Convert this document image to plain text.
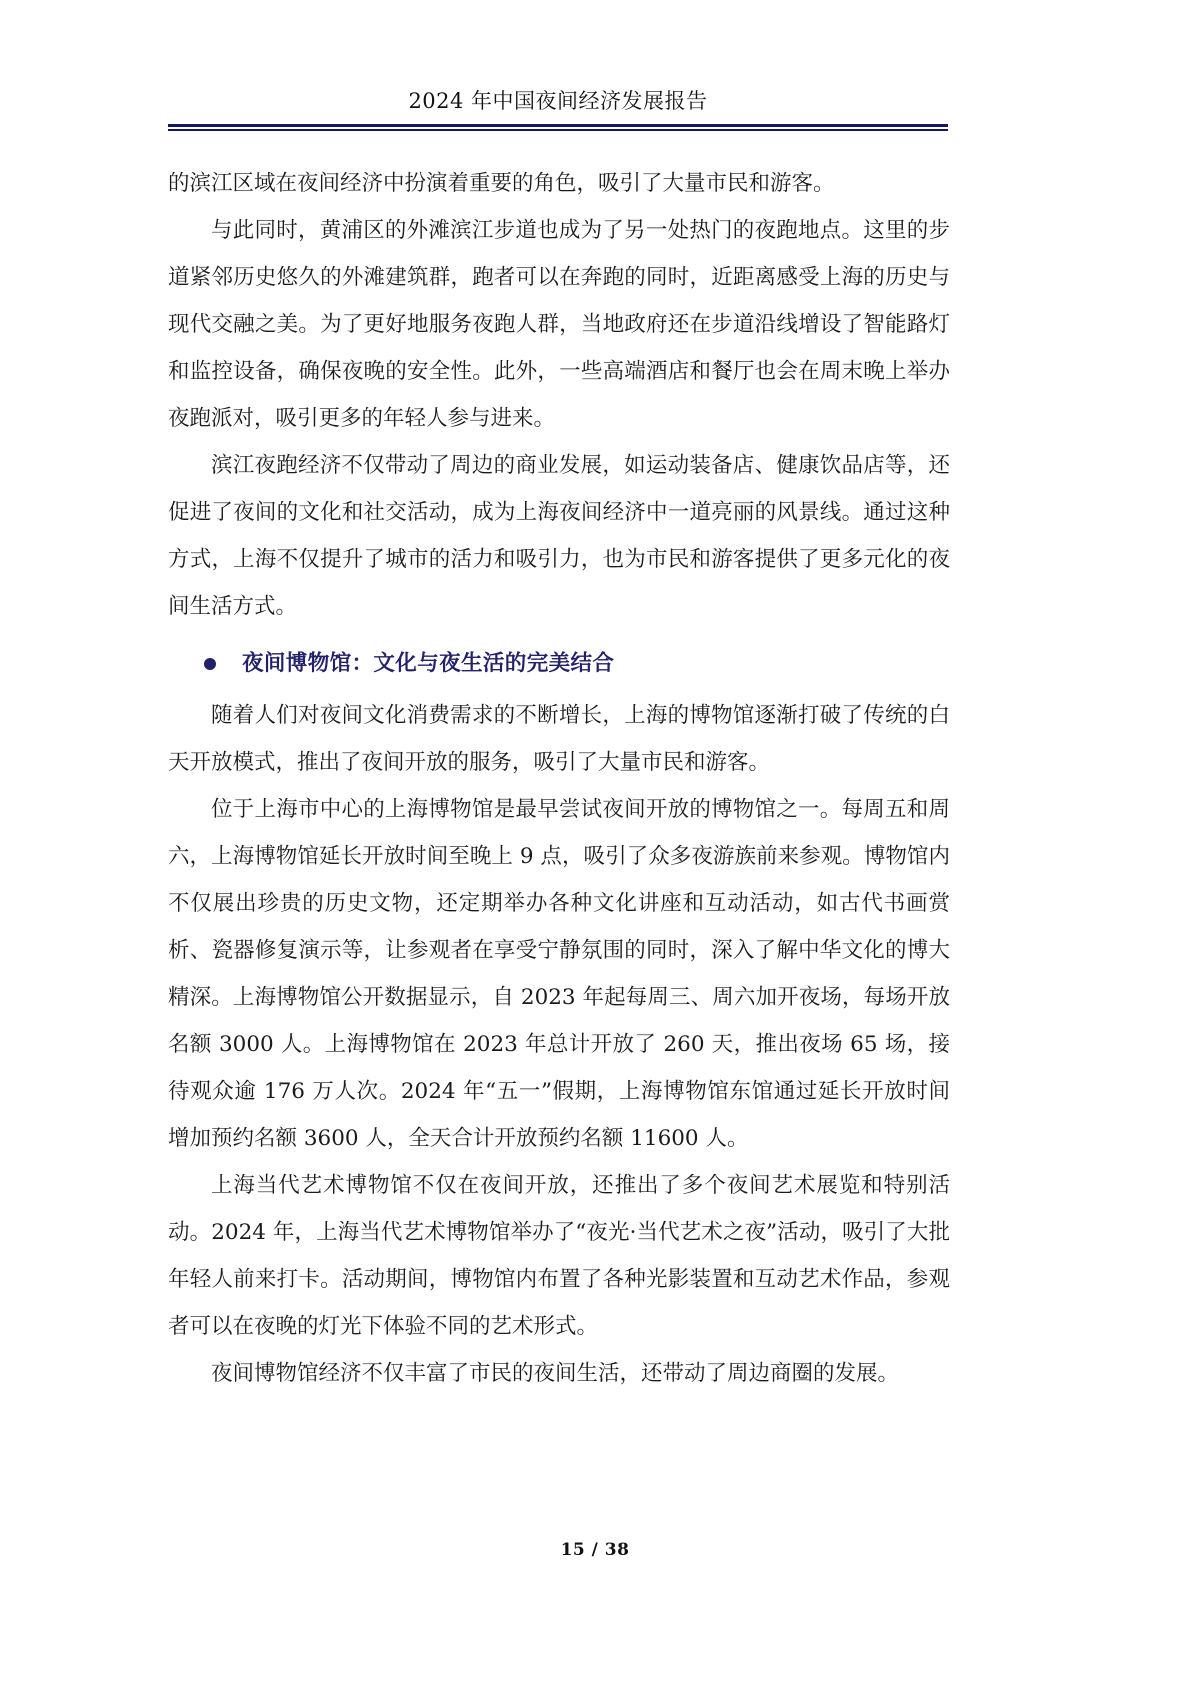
2024 年中国夜间经济发展报告

的滨江区域在夜间经济中扮演着重要的角色，吸引了大量市民和游客。

与此同时，黄浦区的外滩滨江步道也成为了另一处热门的夜跑地点。这里的步道紧邻历史悠久的外滩建筑群，跑者可以在奔跑的同时，近距离感受上海的历史与现代交融之美。为了更好地服务夜跑人群，当地政府还在步道沿线增设了智能路灯和监控设备，确保夜晚的安全性。此外，一些高端酒店和餐厅也会在周末晚上举办夜跑派对，吸引更多的年轻人参与进来。

滨江夜跑经济不仅带动了周边的商业发展，如运动装备店、健康饮品店等，还促进了夜间的文化和社交活动，成为上海夜间经济中一道亮丽的风景线。通过这种方式，上海不仅提升了城市的活力和吸引力，也为市民和游客提供了更多元化的夜间生活方式。

夜间博物馆：文化与夜生活的完美结合

随着人们对夜间文化消费需求的不断增长，上海的博物馆逐渐打破了传统的白天开放模式，推出了夜间开放的服务，吸引了大量市民和游客。

位于上海市中心的上海博物馆是最早尝试夜间开放的博物馆之一。每周五和周六，上海博物馆延长开放时间至晚上 9 点，吸引了众多夜游族前来参观。博物馆内不仅展出珍贵的历史文物，还定期举办各种文化讲座和互动活动，如古代书画赏析、瓷器修复演示等，让参观者在享受宁静氛围的同时，深入了解中华文化的博大精深。上海博物馆公开数据显示，自 2023 年起每周三、周六加开夜场，每场开放名额 3000 人。上海博物馆在 2023 年总计开放了 260 天，推出夜场 65 场，接待观众逾 176 万人次。2024 年“五一”假期，上海博物馆东馆通过延长开放时间增加预约名额 3600 人，全天合计开放预约名额 11600 人。

上海当代艺术博物馆不仅在夜间开放，还推出了多个夜间艺术展览和特别活动。2024 年，上海当代艺术博物馆举办了“夜光·当代艺术之夜”活动，吸引了大批年轻人前来打卡。活动期间，博物馆内布置了各种光影装置和互动艺术作品，参观者可以在夜晚的灯光下体验不同的艺术形式。

夜间博物馆经济不仅丰富了市民的夜间生活，还带动了周边商圈的发展。

15 / 38
